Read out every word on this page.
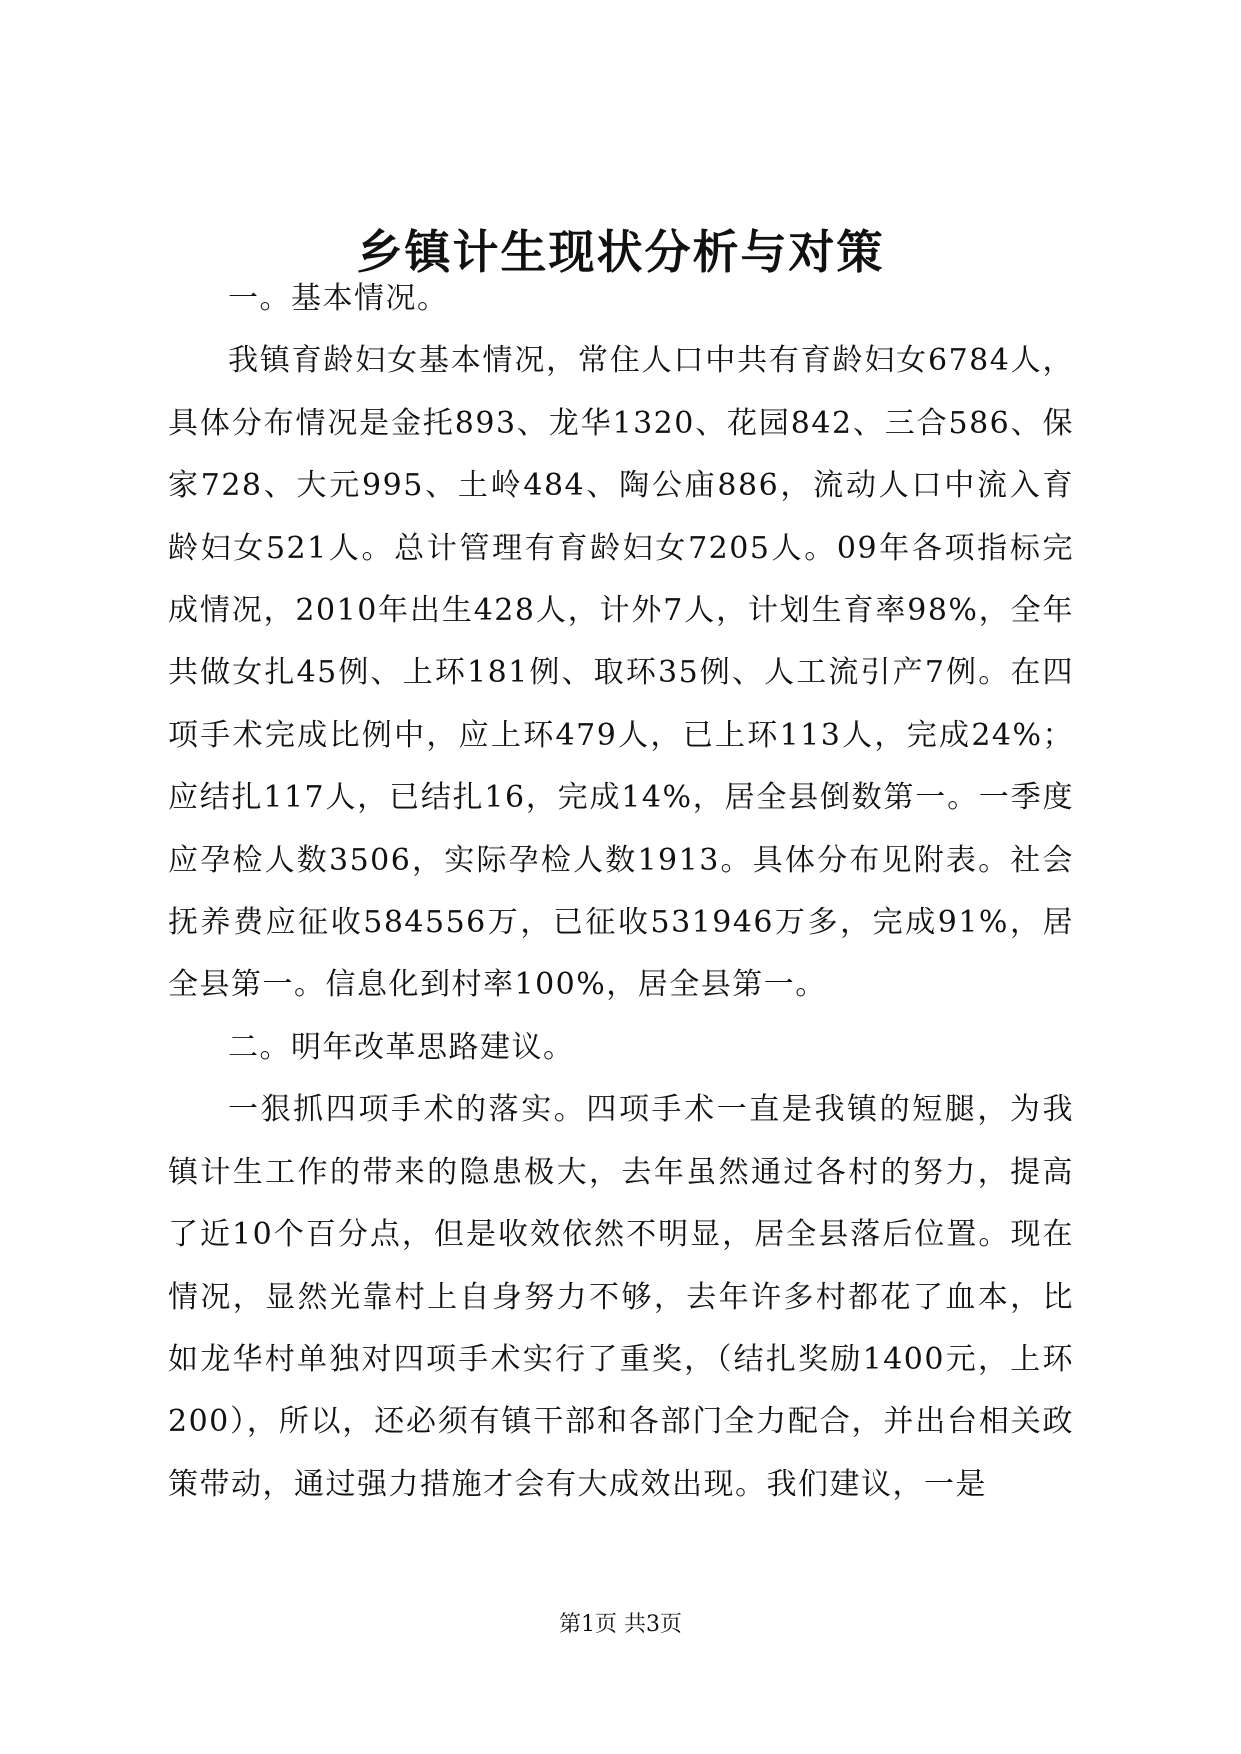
乡镇计生现状分析与对策

一。基本情况。

我镇育龄妇女基本情况，常住人口中共有育龄妇女6784人，具体分布情况是金托893、龙华1320、花园842、三合586、保家728、大元995、土岭484、陶公庙886，流动人口中流入育龄妇女521人。总计管理有育龄妇女7205人。09年各项指标完成情况，2010年出生428人，计外7人，计划生育率98%，全年共做女扎45例、上环181例、取环35例、人工流引产7例。在四项手术完成比例中，应上环479人，已上环113人，完成24%；应结扎117人，已结扎16，完成14%，居全县倒数第一。一季度应孕检人数3506，实际孕检人数1913。具体分布见附表。社会抚养费应征收584556万，已征收531946万多，完成91%，居全县第一。信息化到村率100%，居全县第一。

二。明年改革思路建议。

一狠抓四项手术的落实。四项手术一直是我镇的短腿，为我镇计生工作的带来的隐患极大，去年虽然通过各村的努力，提高了近10个百分点，但是收效依然不明显，居全县落后位置。现在情况，显然光靠村上自身努力不够，去年许多村都花了血本，比如龙华村单独对四项手术实行了重奖，（结扎奖励1400元，上环200），所以，还必须有镇干部和各部门全力配合，并出台相关政策带动，通过强力措施才会有大成效出现。我们建议，一是

第1页 共3页
